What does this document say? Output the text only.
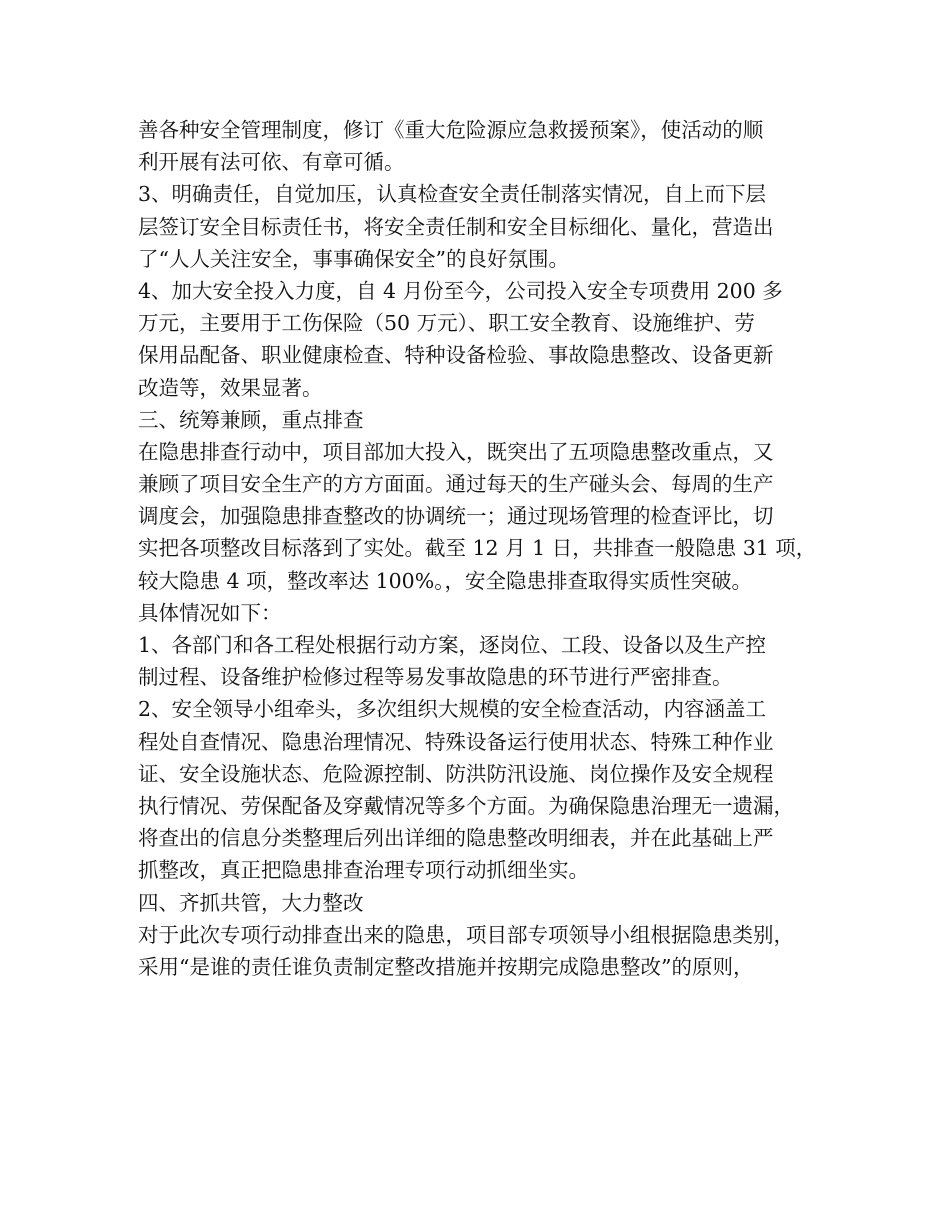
善各种安全管理制度，修订《重大危险源应急救援预案》，使活动的顺
利开展有法可依、有章可循。
3、明确责任，自觉加压，认真检查安全责任制落实情况，自上而下层
层签订安全目标责任书，将安全责任制和安全目标细化、量化，营造出
了“人人关注安全，事事确保安全”的良好氛围。
4、加大安全投入力度，自 4 月份至今，公司投入安全专项费用 200 多
万元，主要用于工伤保险（50 万元）、职工安全教育、设施维护、劳
保用品配备、职业健康检查、特种设备检验、事故隐患整改、设备更新
改造等，效果显著。
三、统筹兼顾，重点排查
在隐患排查行动中，项目部加大投入，既突出了五项隐患整改重点，又
兼顾了项目安全生产的方方面面。通过每天的生产碰头会、每周的生产
调度会，加强隐患排查整改的协调统一；通过现场管理的检查评比，切
实把各项整改目标落到了实处。截至 12 月 1 日，共排查一般隐患 31 项，
较大隐患 4 项，整改率达 100%。，安全隐患排查取得实质性突破。
具体情况如下：
1、各部门和各工程处根据行动方案，逐岗位、工段、设备以及生产控
制过程、设备维护检修过程等易发事故隐患的环节进行严密排查。
2、安全领导小组牵头，多次组织大规模的安全检查活动，内容涵盖工
程处自查情况、隐患治理情况、特殊设备运行使用状态、特殊工种作业
证、安全设施状态、危险源控制、防洪防汛设施、岗位操作及安全规程
执行情况、劳保配备及穿戴情况等多个方面。为确保隐患治理无一遗漏，
将查出的信息分类整理后列出详细的隐患整改明细表，并在此基础上严
抓整改，真正把隐患排查治理专项行动抓细坐实。
四、齐抓共管，大力整改
对于此次专项行动排查出来的隐患，项目部专项领导小组根据隐患类别，
采用“是谁的责任谁负责制定整改措施并按期完成隐患整改”的原则，
